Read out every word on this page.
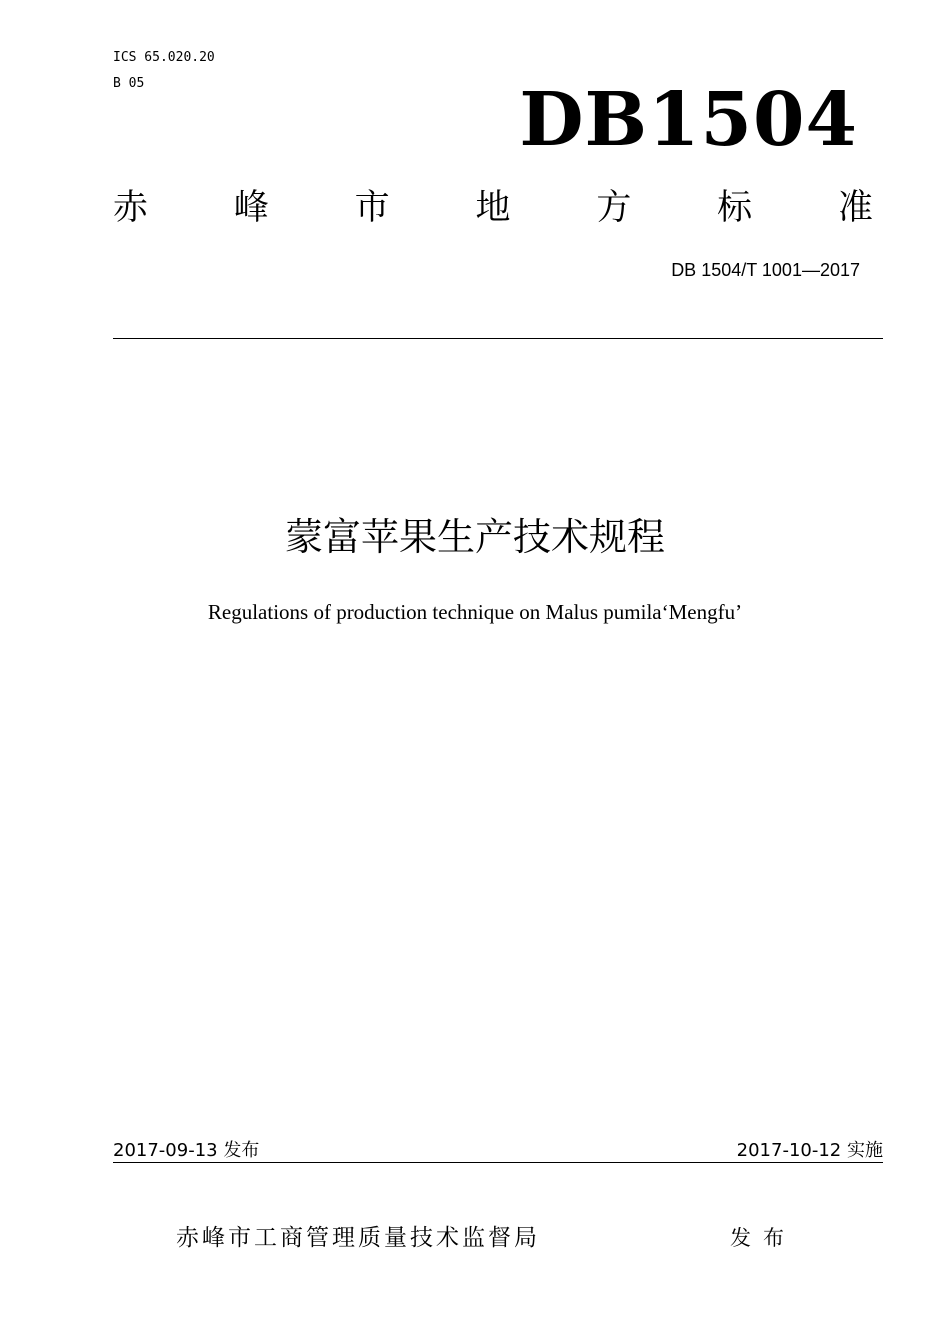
ICS 65.020.20
B 05	DB1504
赤 峰 市 地 方 标 准
DB 1504/T 1001—2017
蒙富苹果生产技术规程
Regulations of production technique on Malus pumila‘Mengfu’
2017-09-13 发布	2017-10-12 实施
赤峰市工商管理质量技术监督局	发布
